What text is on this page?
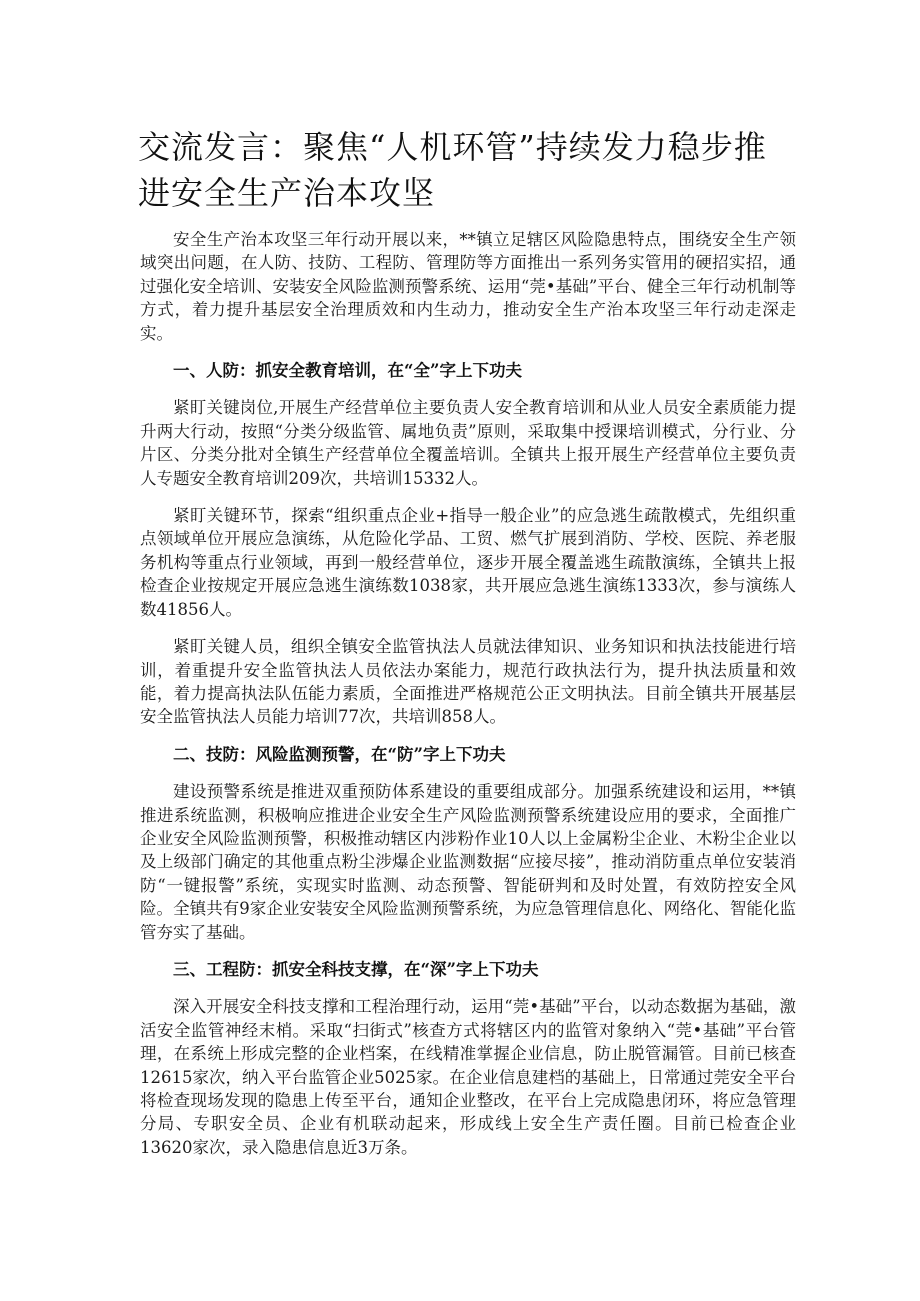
交流发言：聚焦“人机环管”持续发力稳步推进安全生产治本攻坚

安全生产治本攻坚三年行动开展以来，**镇立足辖区风险隐患特点，围绕安全生产领域突出问题，在人防、技防、工程防、管理防等方面推出一系列务实管用的硬招实招，通过强化安全培训、安装安全风险监测预警系统、运用“莞•基础”平台、健全三年行动机制等方式，着力提升基层安全治理质效和内生动力，推动安全生产治本攻坚三年行动走深走实。

一、人防：抓安全教育培训，在“全”字上下功夫

紧盯关键岗位,开展生产经营单位主要负责人安全教育培训和从业人员安全素质能力提升两大行动，按照“分类分级监管、属地负责”原则，采取集中授课培训模式，分行业、分片区、分类分批对全镇生产经营单位全覆盖培训。全镇共上报开展生产经营单位主要负责人专题安全教育培训209次，共培训15332人。

紧盯关键环节，探索“组织重点企业+指导一般企业”的应急逃生疏散模式，先组织重点领域单位开展应急演练，从危险化学品、工贸、燃气扩展到消防、学校、医院、养老服务机构等重点行业领域，再到一般经营单位，逐步开展全覆盖逃生疏散演练，全镇共上报检查企业按规定开展应急逃生演练数1038家，共开展应急逃生演练1333次，参与演练人数41856人。

紧盯关键人员，组织全镇安全监管执法人员就法律知识、业务知识和执法技能进行培训，着重提升安全监管执法人员依法办案能力，规范行政执法行为，提升执法质量和效能，着力提高执法队伍能力素质，全面推进严格规范公正文明执法。目前全镇共开展基层安全监管执法人员能力培训77次，共培训858人。

二、技防：风险监测预警，在“防”字上下功夫

建设预警系统是推进双重预防体系建设的重要组成部分。加强系统建设和运用，**镇推进系统监测，积极响应推进企业安全生产风险监测预警系统建设应用的要求，全面推广企业安全风险监测预警，积极推动辖区内涉粉作业10人以上金属粉尘企业、木粉尘企业以及上级部门确定的其他重点粉尘涉爆企业监测数据“应接尽接”，推动消防重点单位安装消防“一键报警”系统，实现实时监测、动态预警、智能研判和及时处置，有效防控安全风险。全镇共有9家企业安装安全风险监测预警系统，为应急管理信息化、网络化、智能化监管夯实了基础。

三、工程防：抓安全科技支撑，在“深”字上下功夫

深入开展安全科技支撑和工程治理行动，运用“莞•基础”平台，以动态数据为基础，激活安全监管神经末梢。采取“扫街式”核查方式将辖区内的监管对象纳入“莞•基础”平台管理，在系统上形成完整的企业档案，在线精准掌握企业信息，防止脱管漏管。目前已核查12615家次，纳入平台监管企业5025家。在企业信息建档的基础上，日常通过莞安全平台将检查现场发现的隐患上传至平台，通知企业整改，在平台上完成隐患闭环，将应急管理分局、专职安全员、企业有机联动起来，形成线上安全生产责任圈。目前已检查企业13620家次，录入隐患信息近3万条。
